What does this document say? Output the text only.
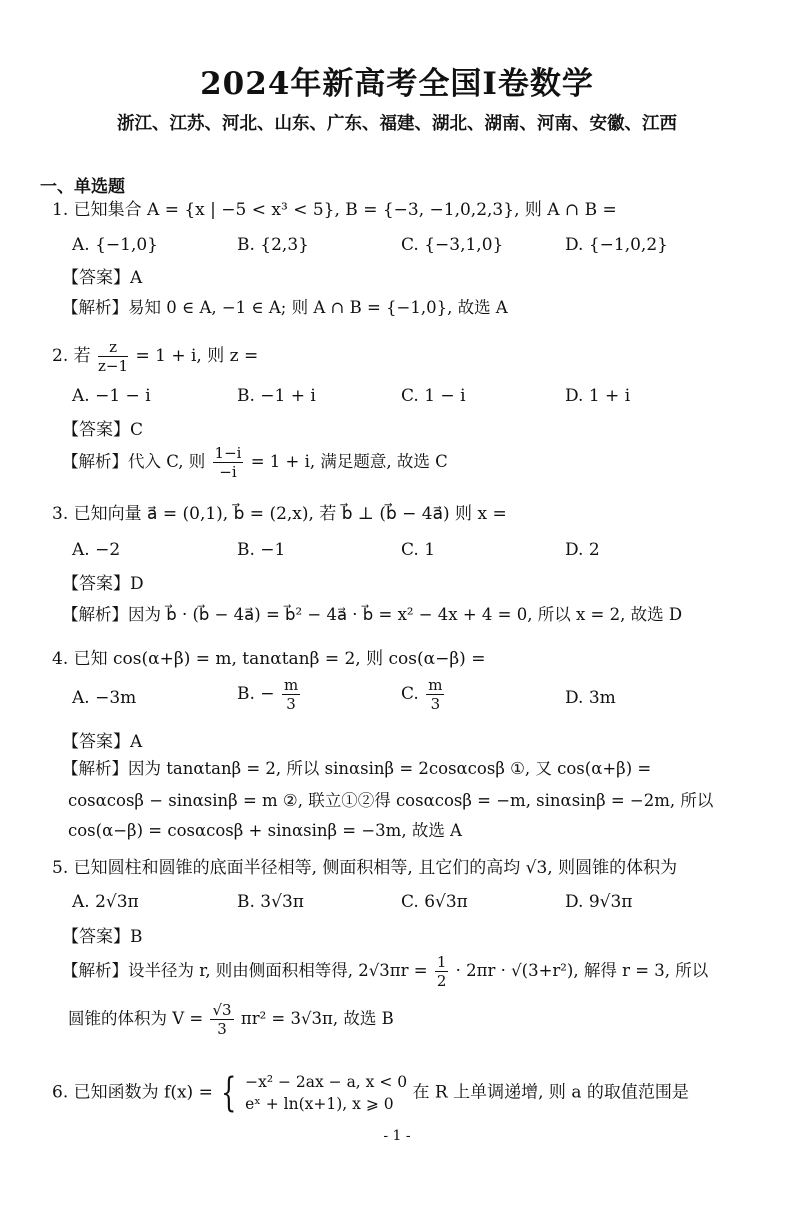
2024年新高考全国Ⅰ卷数学
浙江、江苏、河北、山东、广东、福建、湖北、湖南、河南、安徽、江西
一、单选题
1. 已知集合 A = {x | −5 < x³ < 5}, B = {−3, −1,0,2,3}, 则 A ∩ B =
A. {−1,0}	B. {2,3}	C. {−3,1,0}	D. {−1,0,2}
【答案】A
【解析】易知 0 ∈ A, −1 ∈ A; 则 A ∩ B = {−1,0}, 故选 A
2. 若 $\frac{z}{z-1} = 1 + i$, 则 z =
A. −1 − i	B. −1 + i	C. 1 − i	D. 1 + i
【答案】C
【解析】代入 C, 则 $\frac{1-i}{-i} = 1 + i$, 满足题意, 故选 C
3. 已知向量 a⃗ = (0,1), b⃗ = (2,x), 若 b⃗ ⊥ (b⃗ − 4a⃗) 则 x =
A. −2	B. −1	C. 1	D. 2
【答案】D
【解析】因为 b⃗ · (b⃗ − 4a⃗) = b⃗² − 4a⃗ · b⃗ = x² − 4x + 4 = 0, 所以 x = 2, 故选 D
4. 已知 cos(α+β) = m, tanαtanβ = 2, 则 cos(α−β) =
A. −3m	B. − $\frac{m}{3}$	C. $\frac{m}{3}$	D. 3m
【答案】A
【解析】因为 tanαtanβ = 2, 所以 sinαsinβ = 2cosαcosβ ①, 又 cos(α+β) =
cosαcosβ − sinαsinβ = m ②, 联立①②得 cosαcosβ = −m, sinαsinβ = −2m, 所以
cos(α−β) = cosαcosβ + sinαsinβ = −3m, 故选 A
5. 已知圆柱和圆锥的底面半径相等, 侧面积相等, 且它们的高均 √3, 则圆锥的体积为
A. 2√3π	B. 3√3π	C. 6√3π	D. 9√3π
【答案】B
【解析】设半径为 r, 则由侧面积相等得, $2√3\pi r = \frac{1}{2} \cdot 2\pi r \cdot √(3+r^2)$, 解得 r = 3, 所以
圆锥的体积为 $V = \frac{√3}{3} \pi r^2 = 3√3\pi$, 故选 B
6. 已知函数为 f(x) = { −x² − 2ax − a, x < 0
eˣ + ln(x+1), x ⩾ 0
在 R 上单调递增, 则 a 的取值范围是
- 1 -
